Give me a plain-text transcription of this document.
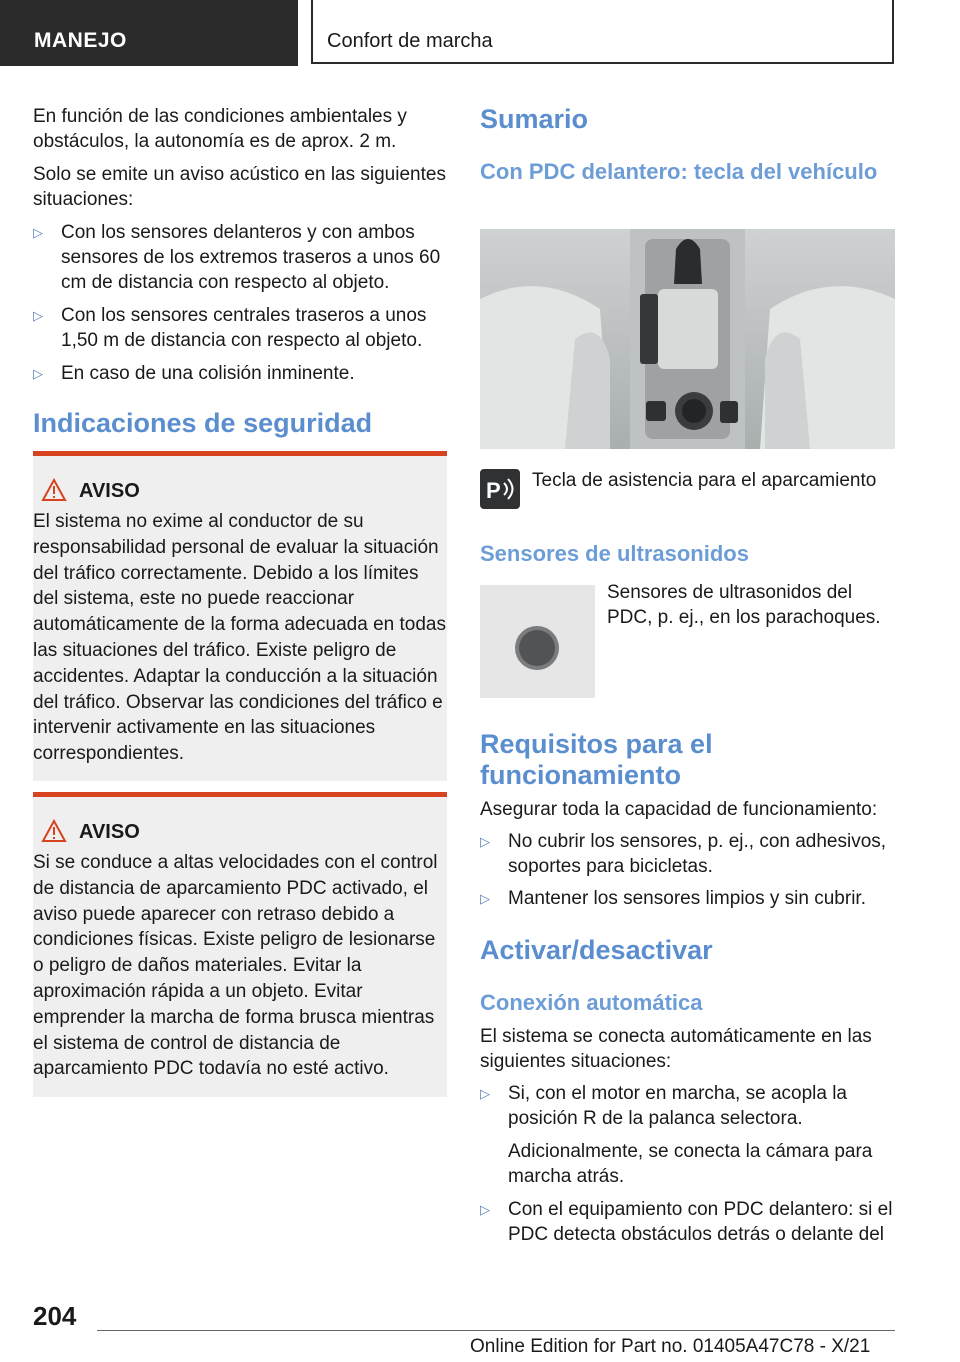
MANEJO	Confort de marcha

En función de las condiciones ambientales y obstáculos, la autonomía es de aprox. 2 m.

Solo se emite un aviso acústico en las siguientes situaciones:

▷ Con los sensores delanteros y con ambos sensores de los extremos traseros a unos 60 cm de distancia con respecto al objeto.
▷ Con los sensores centrales traseros a unos 1,50 m de distancia con respecto al objeto.
▷ En caso de una colisión inminente.
Indicaciones de seguridad
AVISO
El sistema no exime al conductor de su responsabilidad personal de evaluar la situación del tráfico correctamente. Debido a los límites del sistema, este no puede reaccionar automáticamente de la forma adecuada en todas las situaciones del tráfico. Existe peligro de accidentes. Adaptar la conducción a la situación del tráfico. Observar las condiciones del tráfico e intervenir activamente en las situaciones correspondientes.
AVISO
Si se conduce a altas velocidades con el control de distancia de aparcamiento PDC activado, el aviso puede aparecer con retraso debido a condiciones físicas. Existe peligro de lesionarse o peligro de daños materiales. Evitar la aproximación rápida a un objeto. Evitar emprender la marcha de forma brusca mientras el sistema de control de distancia de aparcamiento PDC todavía no esté activo.
Sumario
Con PDC delantero: tecla del vehículo
P Tecla de asistencia para el aparcamiento

Sensores de ultrasonidos

Sensores de ultrasonidos del PDC, p. ej., en los parachoques.

Requisitos para el funcionamiento

Asegurar toda la capacidad de funcionamiento:

▷ No cubrir los sensores, p. ej., con adhesivos, soportes para bicicletas.
▷ Mantener los sensores limpios y sin cubrir.
Activar/desactivar
Conexión automática

El sistema se conecta automáticamente en las siguientes situaciones:

▷ Si, con el motor en marcha, se acopla la posición R de la palanca selectora.

Adicionalmente, se conecta la cámara para marcha atrás.

▷ Con el equipamiento con PDC delantero: si el PDC detecta obstáculos detrás o delante del
204
Online Edition for Part no. 01405A47C78 - X/21
